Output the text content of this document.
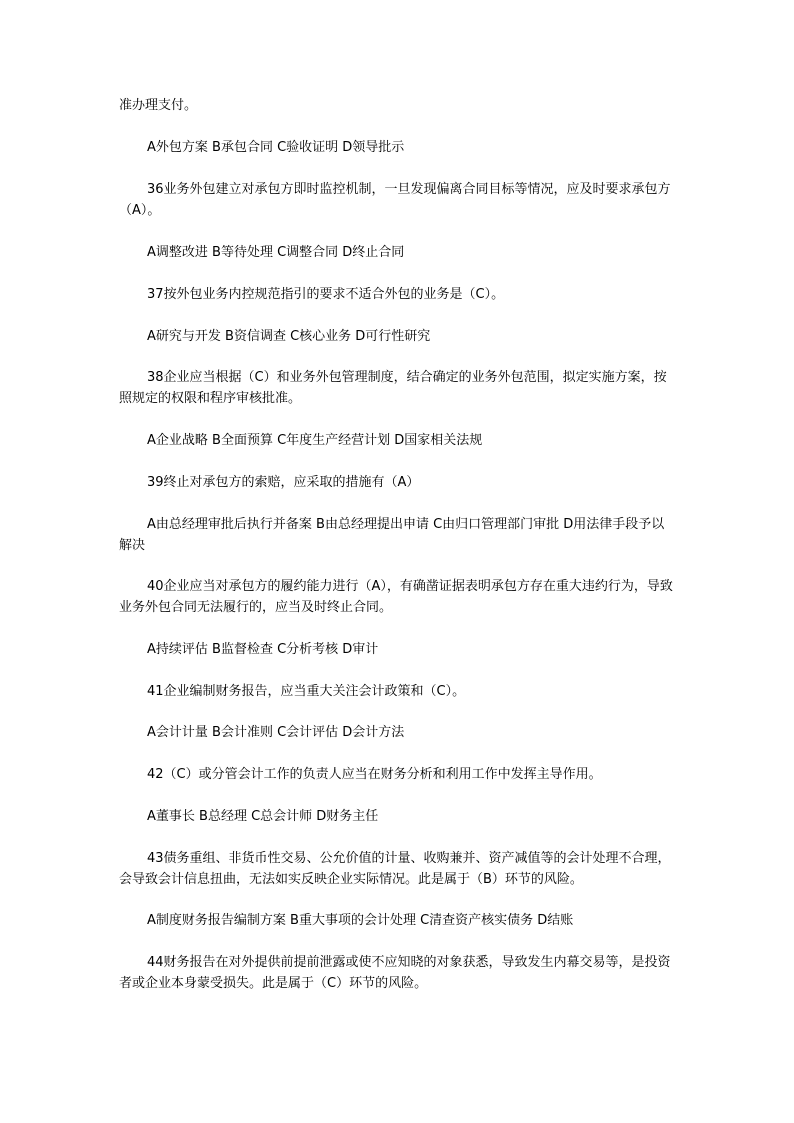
准办理支付。

A外包方案 B承包合同 C验收证明 D领导批示

36业务外包建立对承包方即时监控机制，一旦发现偏离合同目标等情况，应及时要求承包方（A）。

A调整改进 B等待处理 C调整合同 D终止合同

37按外包业务内控规范指引的要求不适合外包的业务是（C）。

A研究与开发 B资信调查 C核心业务 D可行性研究

38企业应当根据（C）和业务外包管理制度，结合确定的业务外包范围，拟定实施方案，按照规定的权限和程序审核批准。

A企业战略 B全面预算 C年度生产经营计划 D国家相关法规

39终止对承包方的索赔，应采取的措施有（A）

A由总经理审批后执行并备案 B由总经理提出申请 C由归口管理部门审批 D用法律手段予以解决

40企业应当对承包方的履约能力进行（A），有确凿证据表明承包方存在重大违约行为，导致业务外包合同无法履行的，应当及时终止合同。

A持续评估 B监督检查 C分析考核 D审计

41企业编制财务报告，应当重大关注会计政策和（C）。

A会计计量 B会计准则 C会计评估 D会计方法

42（C）或分管会计工作的负责人应当在财务分析和利用工作中发挥主导作用。

A董事长 B总经理 C总会计师 D财务主任

43债务重组、非货币性交易、公允价值的计量、收购兼并、资产减值等的会计处理不合理，会导致会计信息扭曲，无法如实反映企业实际情况。此是属于（B）环节的风险。

A制度财务报告编制方案 B重大事项的会计处理 C清查资产核实债务 D结账

44财务报告在对外提供前提前泄露或使不应知晓的对象获悉，导致发生内幕交易等，是投资者或企业本身蒙受损失。此是属于（C）环节的风险。
